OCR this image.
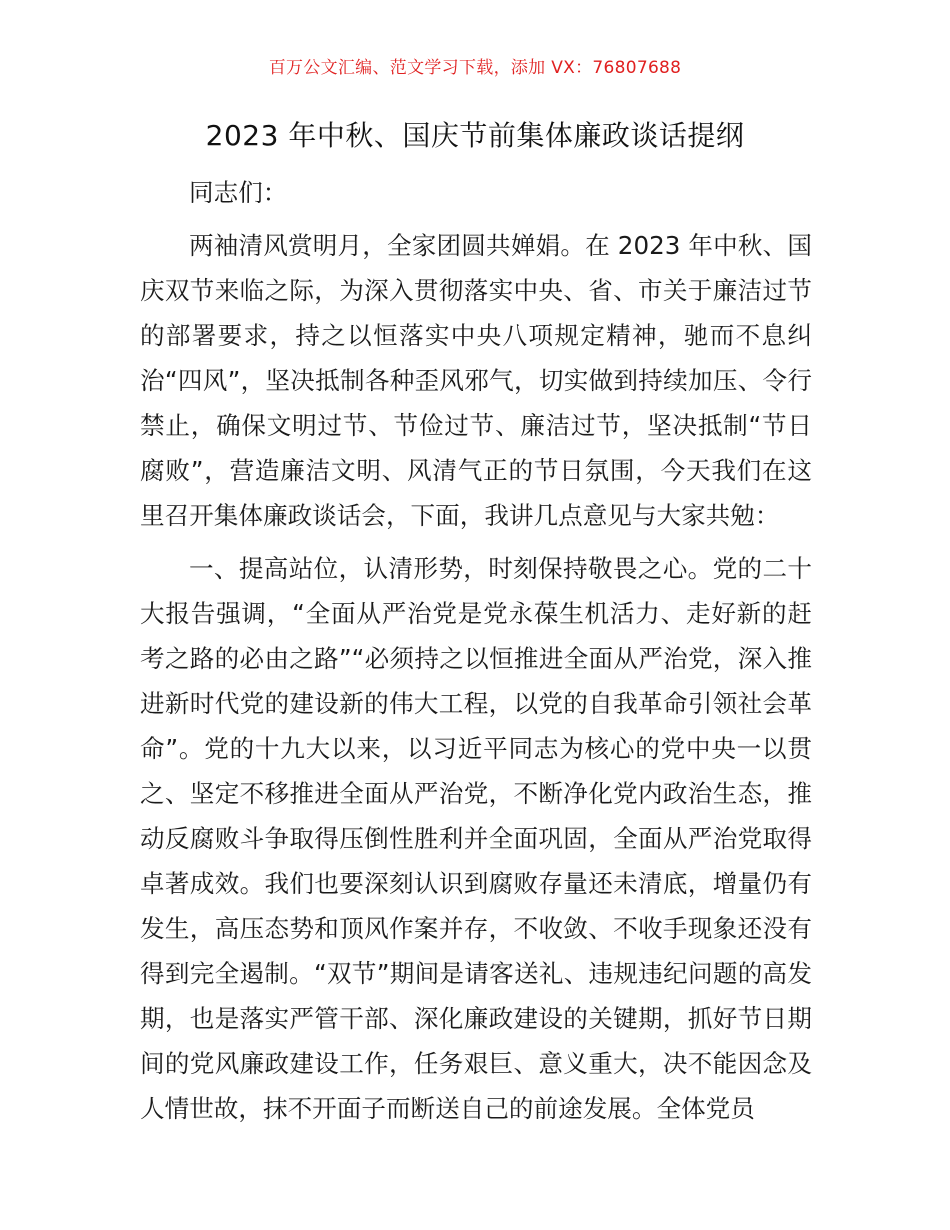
百万公文汇编、范文学习下载，添加 VX：76807688
2023 年中秋、国庆节前集体廉政谈话提纲

同志们：

两袖清风赏明月，全家团圆共婵娟。在 2023 年中秋、国庆双节来临之际，为深入贯彻落实中央、省、市关于廉洁过节的部署要求，持之以恒落实中央八项规定精神，驰而不息纠治“四风”，坚决抵制各种歪风邪气，切实做到持续加压、令行禁止，确保文明过节、节俭过节、廉洁过节，坚决抵制“节日腐败”，营造廉洁文明、风清气正的节日氛围，今天我们在这里召开集体廉政谈话会，下面，我讲几点意见与大家共勉：

一、提高站位，认清形势，时刻保持敬畏之心。党的二十大报告强调，“全面从严治党是党永葆生机活力、走好新的赶考之路的必由之路”“必须持之以恒推进全面从严治党，深入推进新时代党的建设新的伟大工程，以党的自我革命引领社会革命”。党的十九大以来，以习近平同志为核心的党中央一以贯之、坚定不移推进全面从严治党，不断净化党内政治生态，推动反腐败斗争取得压倒性胜利并全面巩固，全面从严治党取得卓著成效。我们也要深刻认识到腐败存量还未清底，增量仍有发生，高压态势和顶风作案并存，不收敛、不收手现象还没有得到完全遏制。“双节”期间是请客送礼、违规违纪问题的高发期，也是落实严管干部、深化廉政建设的关键期，抓好节日期间的党风廉政建设工作，任务艰巨、意义重大，决不能因念及人情世故，抹不开面子而断送自己的前途发展。全体党员
